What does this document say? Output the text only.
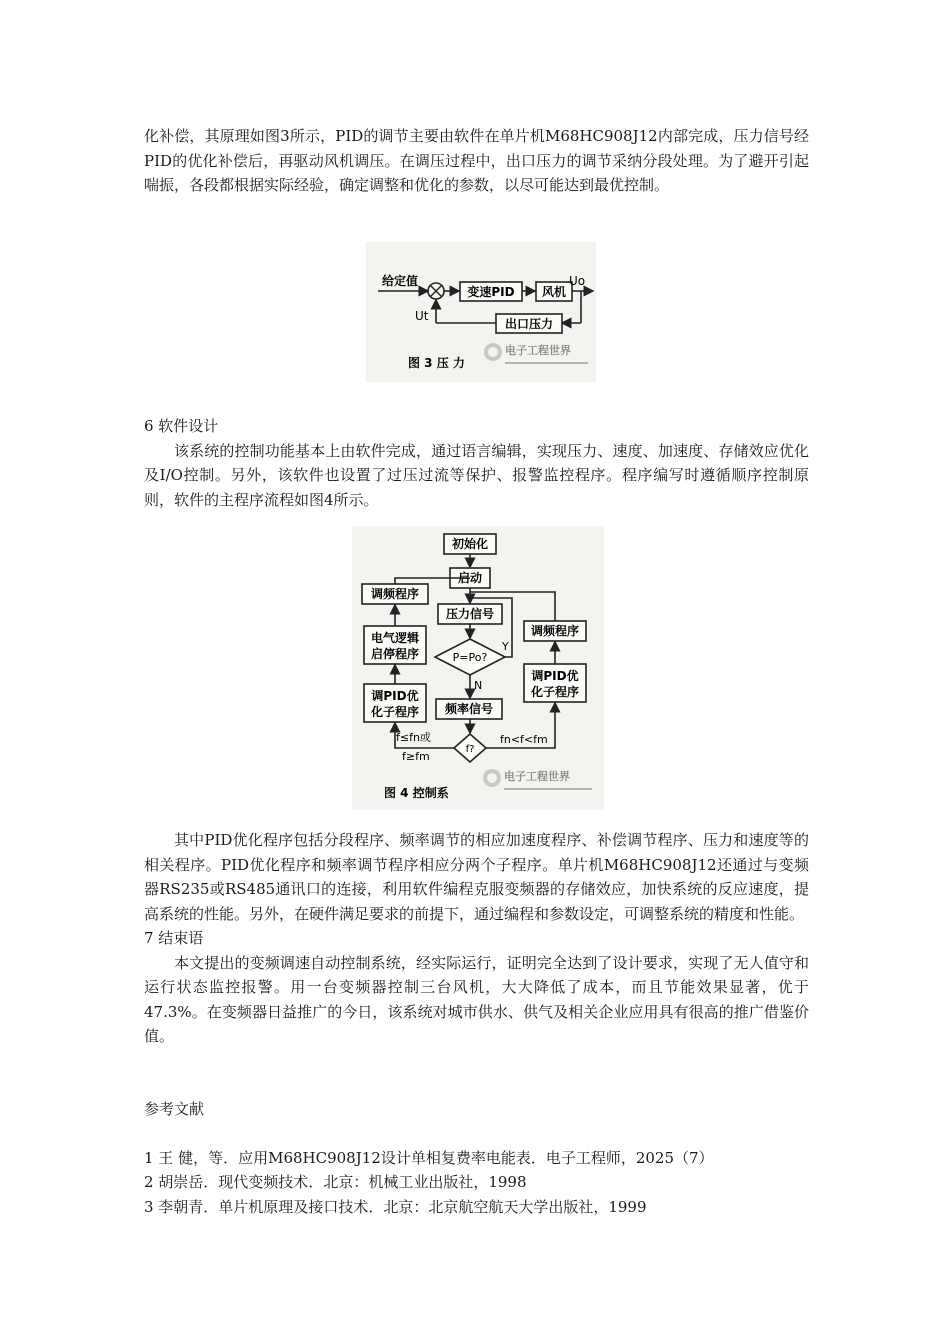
化补偿，其原理如图3所示，PID的调节主要由软件在单片机M68HC908J12内部完成，压力信号经PID的优化补偿后，再驱动风机调压。在调压过程中，出口压力的调节采纳分段处理。为了避开引起喘振，各段都根据实际经验，确定调整和优化的参数，以尽可能达到最优控制。

给定值
变速PID 风机
Uo
出口压力
Ut
图 3 压 力
电子工程世界

6 软件设计

该系统的控制功能基本上由软件完成，通过语言编辑，实现压力、速度、加速度、存储效应优化及I/O控制。另外，该软件也设置了过压过流等保护、报警监控程序。程序编写时遵循顺序控制原则，软件的主程序流程如图4所示。

初始化
启动
压力信号
P=Po?
Y
N
频率信号
f?
调频程序
电气逻辑
启停程序
调PID优
化子程序
调频程序
调PID优
化子程序
f≤fn或
f≥fm
fn<f<fm
图 4 控制系
电子工程世界

其中PID优化程序包括分段程序、频率调节的相应加速度程序、补偿调节程序、压力和速度等的相关程序。PID优化程序和频率调节程序相应分两个子程序。单片机M68HC908J12还通过与变频器RS235或RS485通讯口的连接，利用软件编程克服变频器的存储效应，加快系统的反应速度，提高系统的性能。另外，在硬件满足要求的前提下，通过编程和参数设定，可调整系统的精度和性能。

7 结束语

本文提出的变频调速自动控制系统，经实际运行，证明完全达到了设计要求，实现了无人值守和运行状态监控报警。用一台变频器控制三台风机，大大降低了成本，而且节能效果显著，优于47.3%。在变频器日益推广的今日，该系统对城市供水、供气及相关企业应用具有很高的推广借鉴价值。

参考文献

1 王 健，等．应用M68HC908J12设计单相复费率电能表．电子工程师，2025（7）

2 胡崇岳．现代变频技术．北京：机械工业出版社，1998

3 李朝青．单片机原理及接口技术．北京：北京航空航天大学出版社，1999
